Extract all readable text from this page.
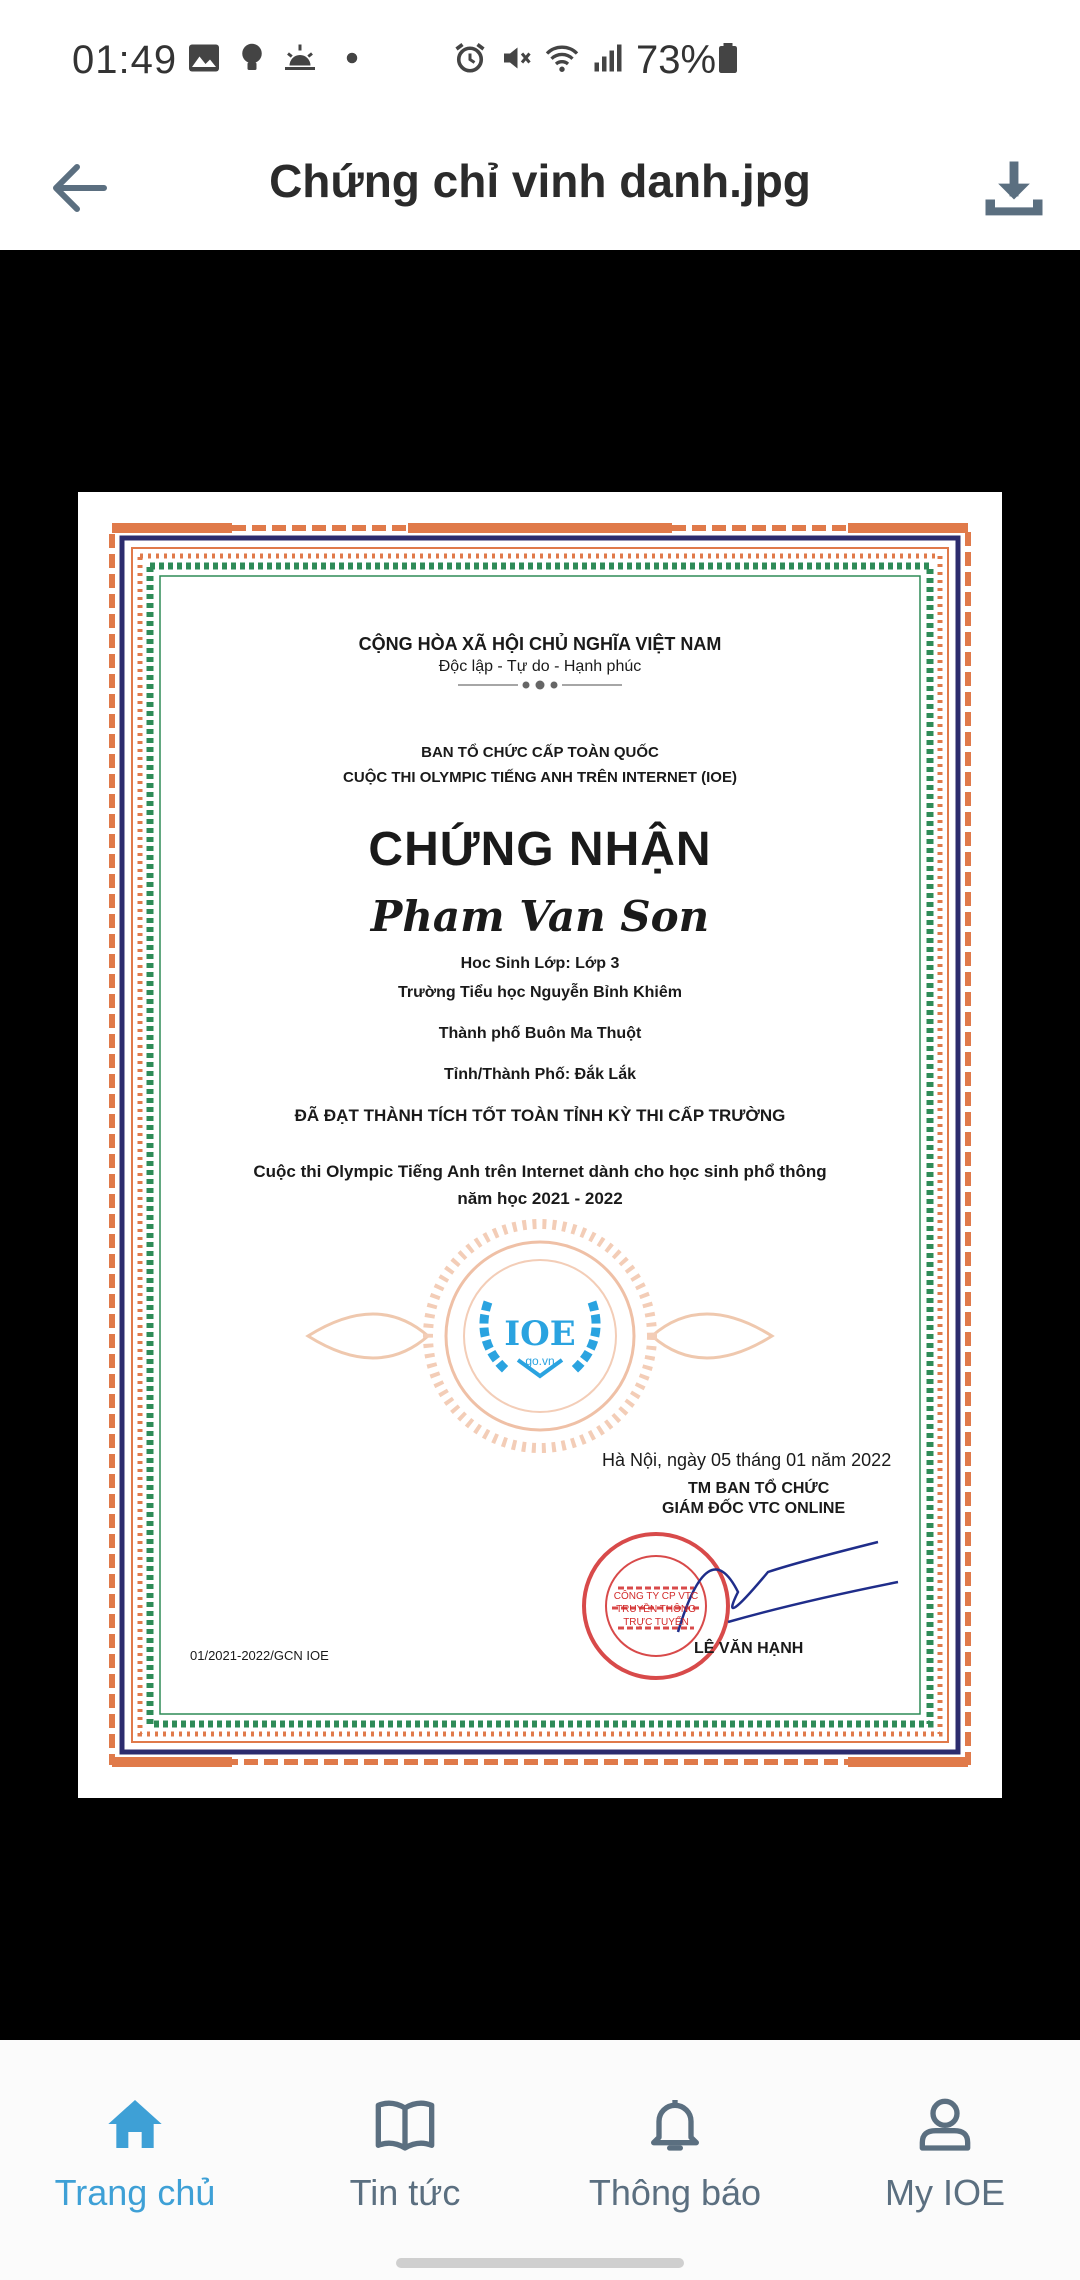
01:49	73%
Chứng chỉ vinh danh.jpg
CỘNG HÒA XÃ HỘI CHỦ NGHĨA VIỆT NAM
Độc lập - Tự do - Hạnh phúc
BAN TỔ CHỨC CẤP TOÀN QUỐC
CUỘC THI OLYMPIC TIẾNG ANH TRÊN INTERNET (IOE)
CHỨNG NHẬN
Pham Van Son
Hoc Sinh Lớp: Lớp 3
Trường Tiểu học Nguyễn Bỉnh Khiêm
Thành phố Buôn Ma Thuột
Tỉnh/Thành Phố: Đắk Lắk
ĐÃ ĐẠT THÀNH TÍCH TỐT TOÀN TỈNH KỲ THI CẤP TRƯỜNG
Cuộc thi Olympic Tiếng Anh trên Internet dành cho học sinh phổ thông
năm học 2021 - 2022
IOE
go.vn
Hà Nội, ngày 05 tháng 01 năm 2022
TM BAN TỔ CHỨC
GIÁM ĐỐC VTC ONLINE
CÔNG TY CP VTC TRUYỀN THÔNG TRỰC TUYẾN
LÊ VĂN HẠNH
01/2021-2022/GCN IOE
Trang chủ	Tin tức	Thông báo	My IOE
